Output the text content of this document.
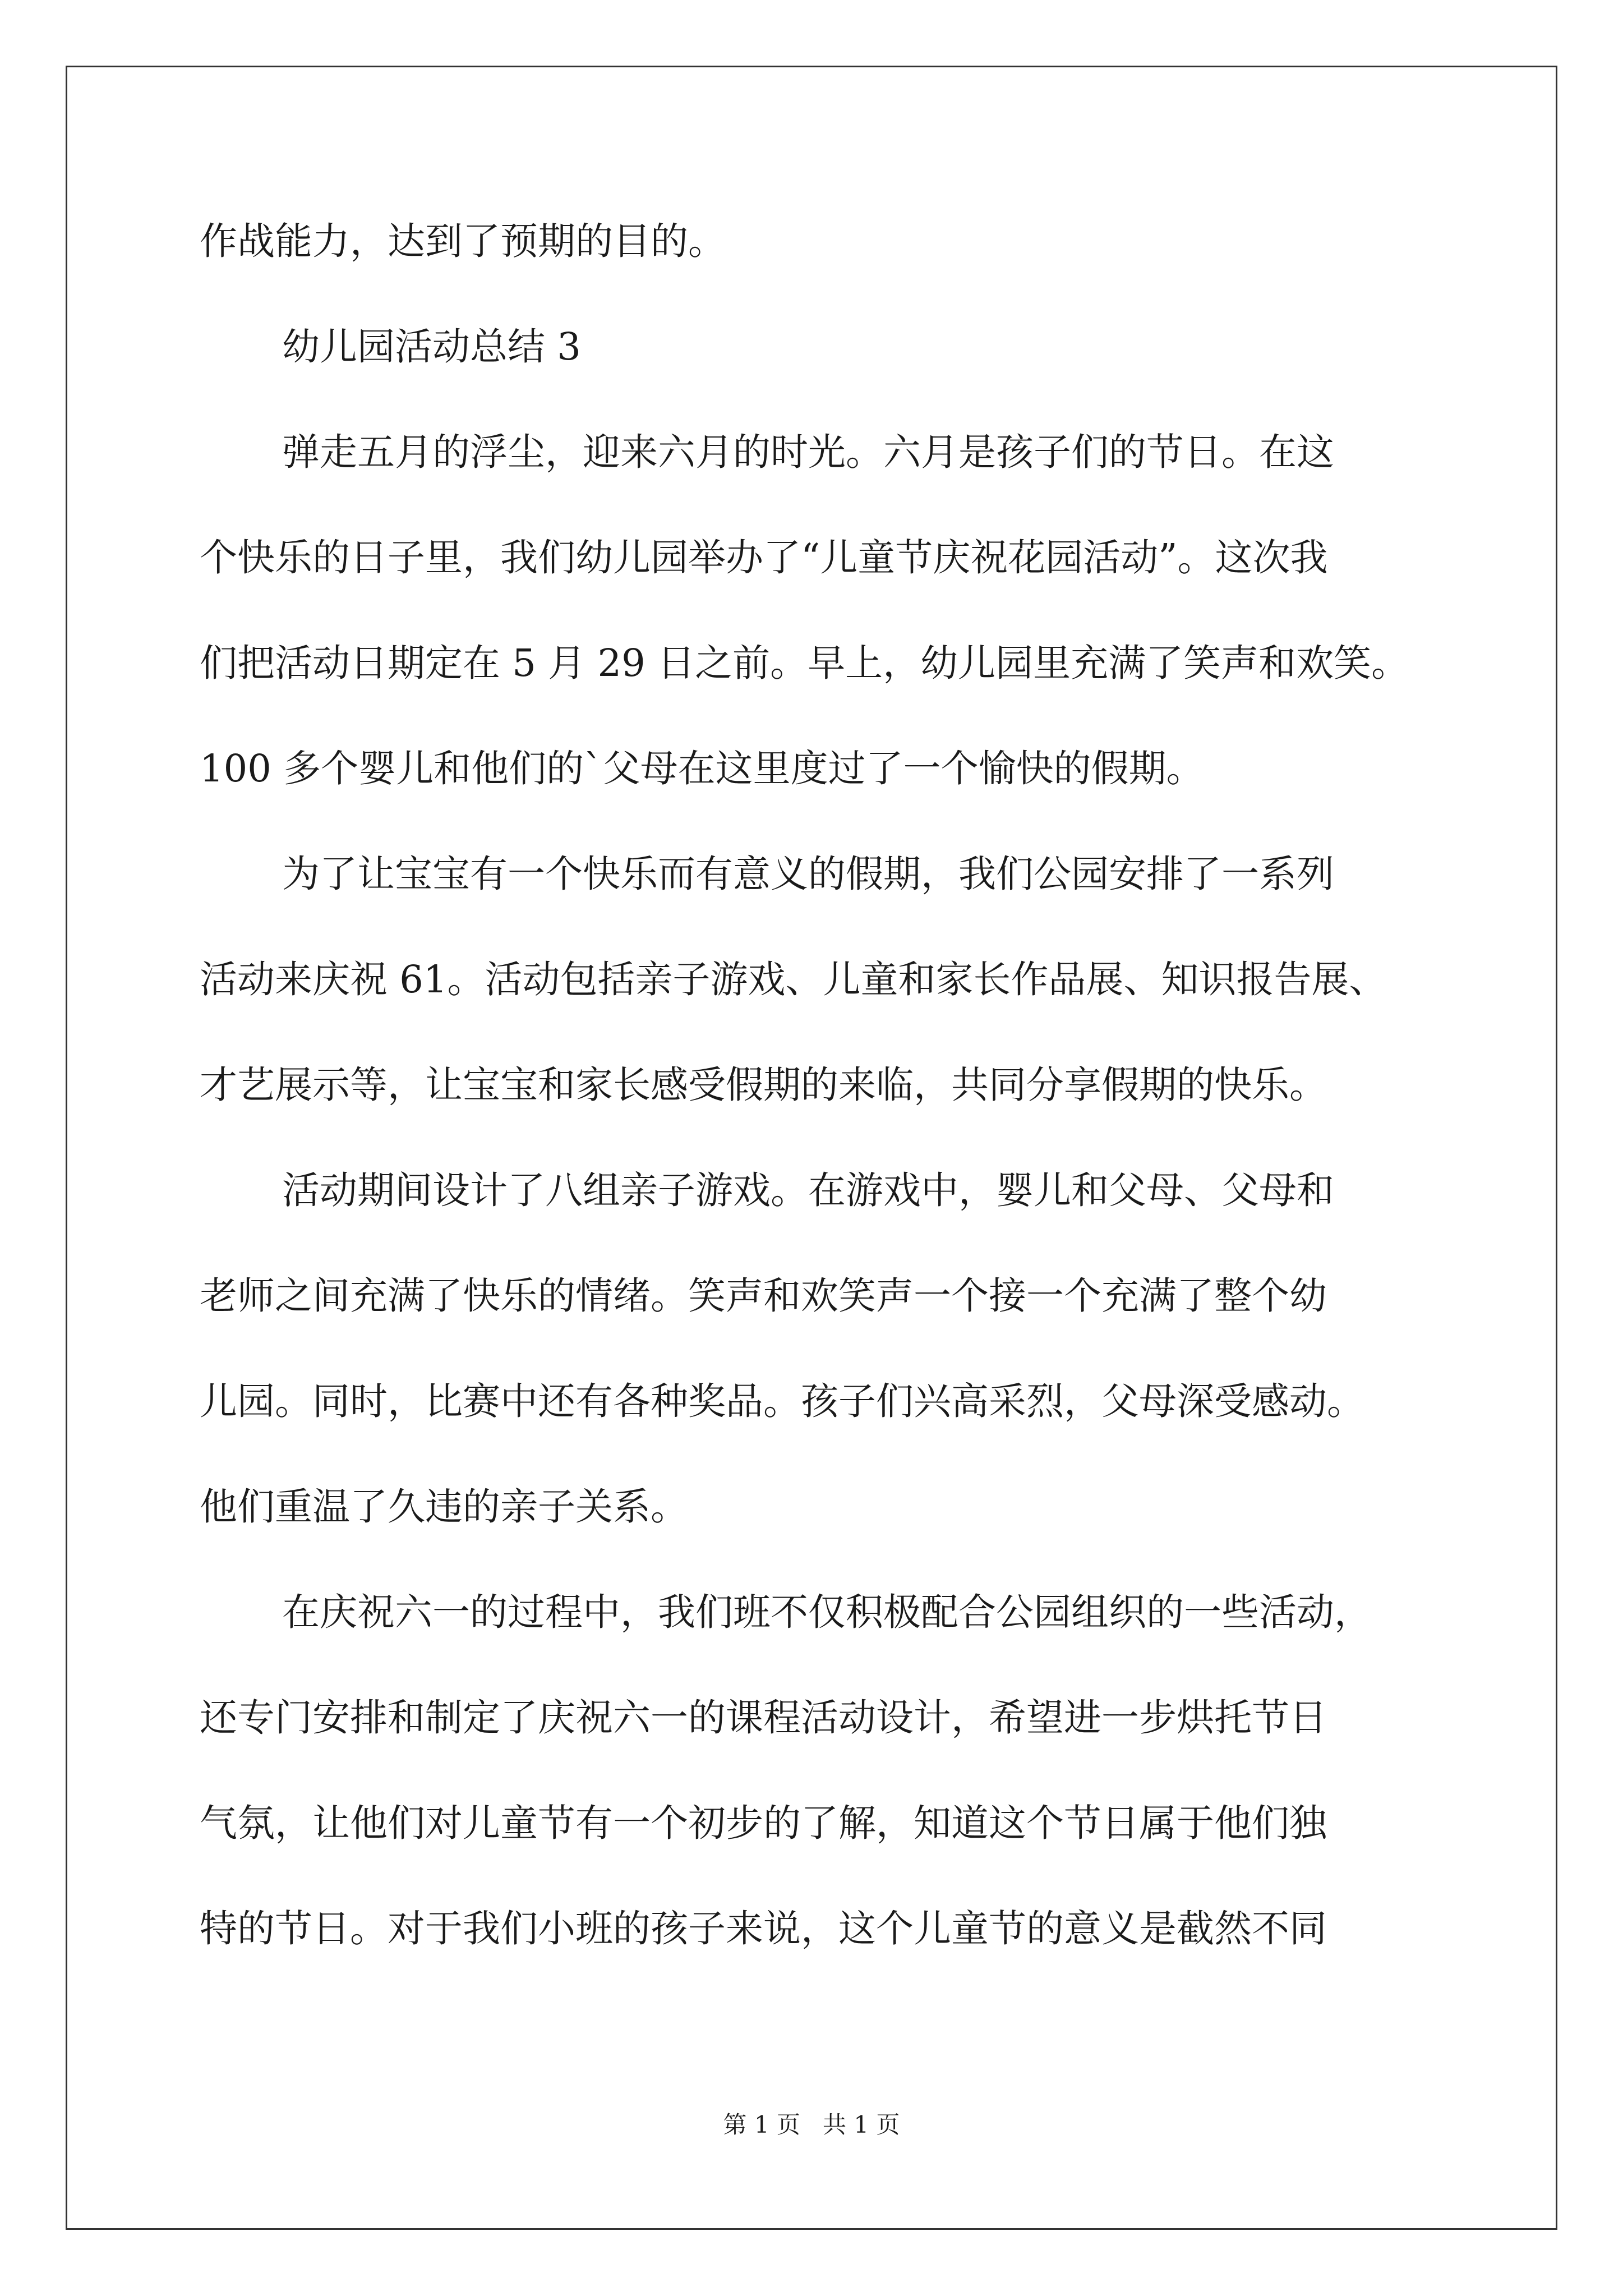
作战能力，达到了预期的目的。
幼儿园活动总结 3
弹走五月的浮尘，迎来六月的时光。六月是孩子们的节日。在这
个快乐的日子里，我们幼儿园举办了“儿童节庆祝花园活动”。这次我
们把活动日期定在 5 月 29 日之前。早上，幼儿园里充满了笑声和欢笑。
100 多个婴儿和他们的`父母在这里度过了一个愉快的假期。
为了让宝宝有一个快乐而有意义的假期，我们公园安排了一系列
活动来庆祝 61。活动包括亲子游戏、儿童和家长作品展、知识报告展、
才艺展示等，让宝宝和家长感受假期的来临，共同分享假期的快乐。
活动期间设计了八组亲子游戏。在游戏中，婴儿和父母、父母和
老师之间充满了快乐的情绪。笑声和欢笑声一个接一个充满了整个幼
儿园。同时，比赛中还有各种奖品。孩子们兴高采烈，父母深受感动。
他们重温了久违的亲子关系。
在庆祝六一的过程中，我们班不仅积极配合公园组织的一些活动，
还专门安排和制定了庆祝六一的课程活动设计，希望进一步烘托节日
气氛，让他们对儿童节有一个初步的了解，知道这个节日属于他们独
特的节日。对于我们小班的孩子来说，这个儿童节的意义是截然不同
第 1 页   共 1 页
